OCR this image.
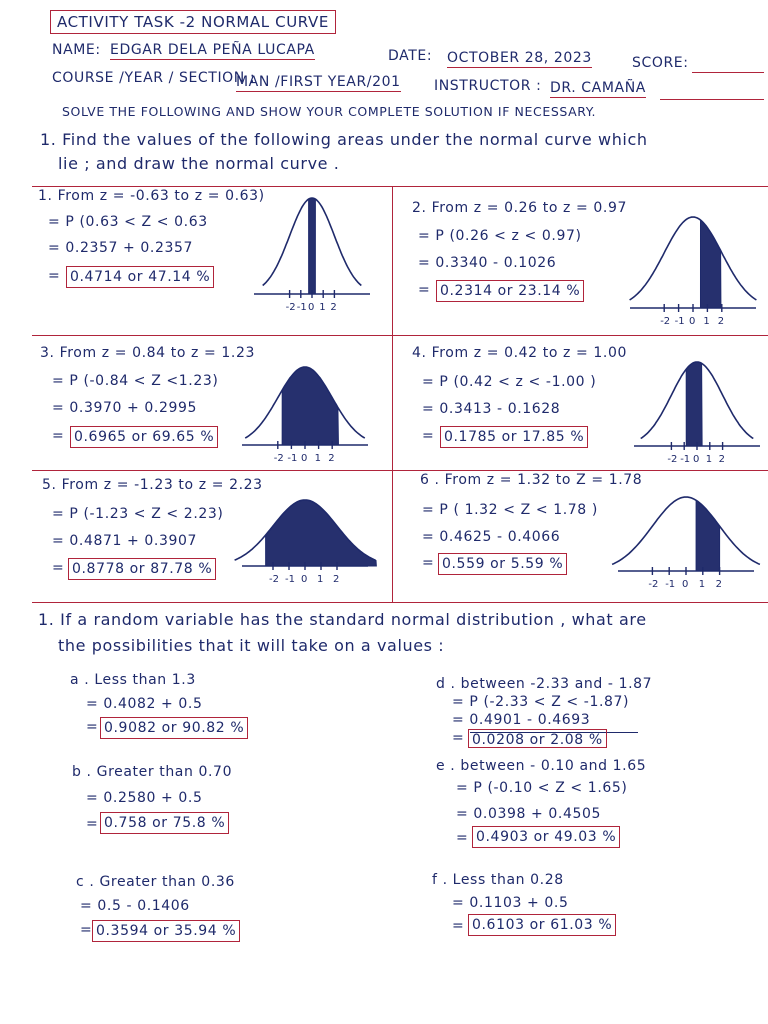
ACTIVITY TASK -2 NORMAL CURVE
NAME: EDGAR DELA PEÑA LUCAPA	DATE: OCTOBER 28, 2023	SCORE:
COURSE /YEAR / SECTION :
MAN /FIRST YEAR/201 INSTRUCTOR : DR. CAMAÑA
SOLVE THE FOLLOWING AND SHOW YOUR COMPLETE SOLUTION IF NECESSARY.
1. Find the values of the following areas under the normal curve which
lie ; and draw the normal curve .
1. From z = -0.63 to z = 0.63)
= P (0.63 < Z < 0.63
= 0.2357 + 0.2357
= 0.4714 or 47.14 %
2. From z = 0.26 to z = 0.97
= P (0.26 < z < 0.97)
= 0.3340 - 0.1026
= 0.2314 or 23.14 %
3. From z = 0.84 to z = 1.23
= P (-0.84 < Z <1.23)
= 0.3970 + 0.2995
= 0.6965 or 69.65 %
4. From z = 0.42 to z = 1.00
= P (0.42 < z < -1.00 )
= 0.3413 - 0.1628
= 0.1785 or 17.85 %
5. From z = -1.23 to z = 2.23
= P (-1.23 < Z < 2.23)
= 0.4871 + 0.3907
= 0.8778 or 87.78 %
6 . From z = 1.32 to Z = 1.78
= P ( 1.32 < Z < 1.78 )
= 0.4625 - 0.4066
= 0.559 or 5.59 %
-2 -1 0 1 2
-2 -1 0 1 2
-2 -1 0 1 2	-2 -1 0 1 2
-2 -1 0 1 2	-2 -1 0 1 2
1. If a random variable has the standard normal distribution , what are
the possibilities that it will take on a values :
a . Less than 1.3
= 0.4082 + 0.5
= 0.9082 or 90.82 %
b . Greater than 0.70
= 0.2580 + 0.5
= 0.758 or 75.8 %
c . Greater than 0.36
= 0.5 - 0.1406
= 0.3594 or 35.94 %
d . between -2.33 and - 1.87
= P (-2.33 < Z < -1.87)
= 0.4901 - 0.4693
= 0.0208 or 2.08 %
e . between - 0.10 and 1.65
= P (-0.10 < Z < 1.65)
= 0.0398 + 0.4505
= 0.4903 or 49.03 %
f . Less than 0.28
= 0.1103 + 0.5
= 0.6103 or 61.03 %
